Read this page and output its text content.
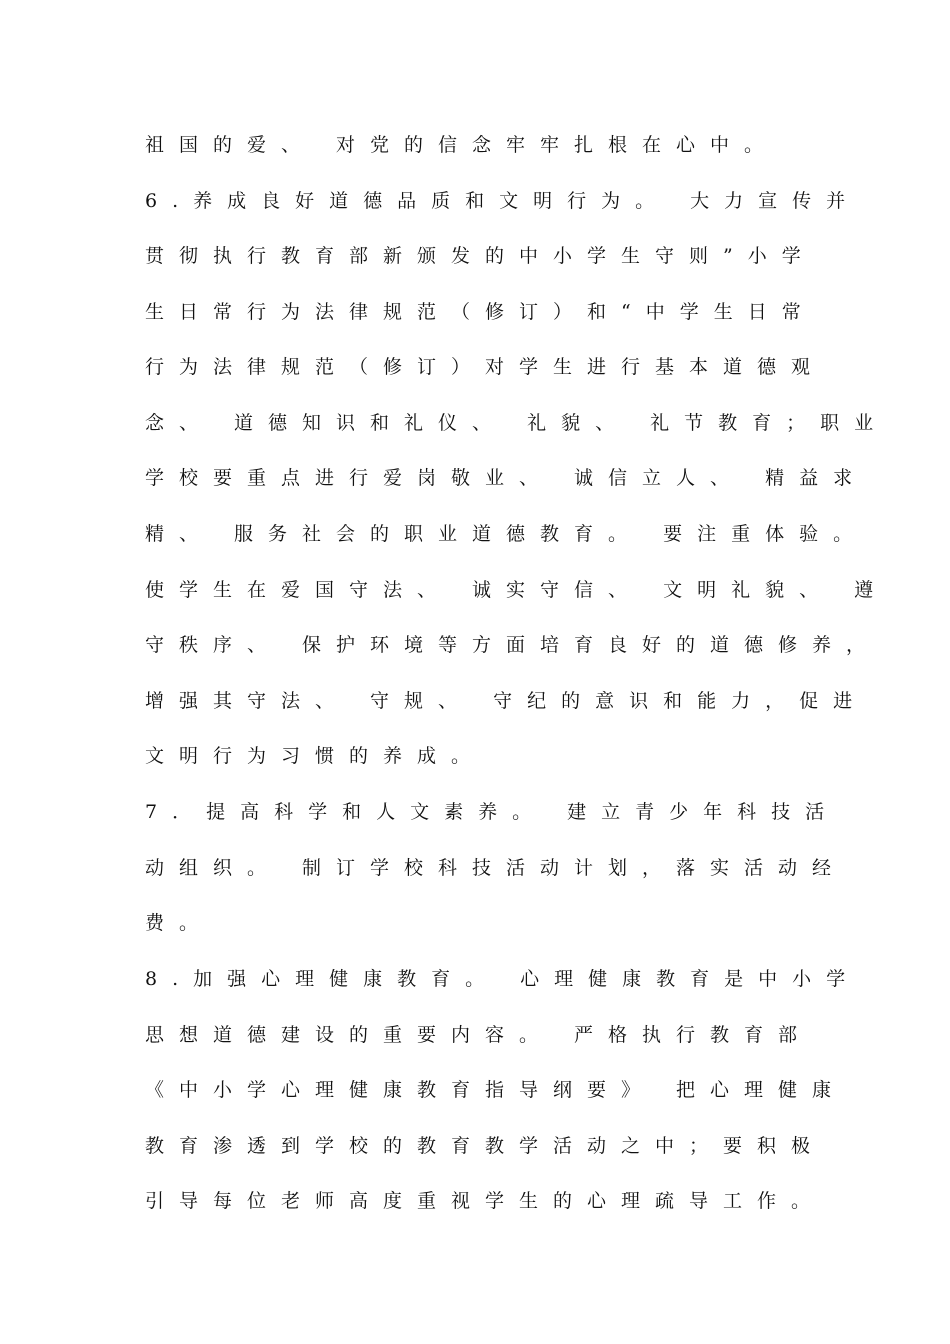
祖国的爱、 对党的信念牢牢扎根在心中。
6.养成良好道德品质和文明行为。 大力宣传并
贯彻执行教育部新颁发的中小学生守则”小学
生日常行为法律规范（修订）和“中学生日常
行为法律规范（修订）对学生进行基本道德观
念、 道德知识和礼仪、 礼貌、 礼节教育；职业
学校要重点进行爱岗敬业、 诚信立人、 精益求
精、 服务社会的职业道德教育。 要注重体验。
使学生在爱国守法、 诚实守信、 文明礼貌、 遵
守秩序、 保护环境等方面培育良好的道德修养，
增强其守法、 守规、 守纪的意识和能力，促进
文明行为习惯的养成。
7．提高科学和人文素养。 建立青少年科技活
动组织。 制订学校科技活动计划，落实活动经
费。
8.加强心理健康教育。 心理健康教育是中小学
思想道德建设的重要内容。 严格执行教育部
《中小学心理健康教育指导纲要》 把心理健康
教育渗透到学校的教育教学活动之中；要积极
引导每位老师高度重视学生的心理疏导工作。
